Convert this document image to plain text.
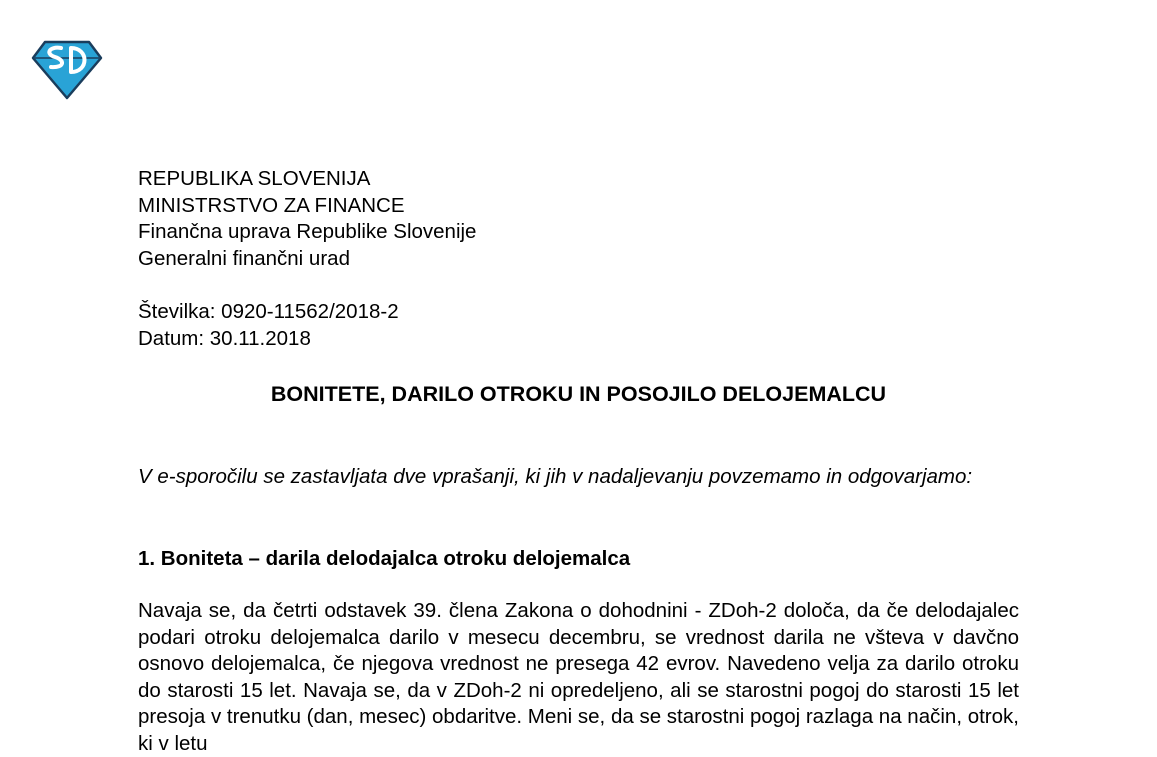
REPUBLIKA SLOVENIJA
MINISTRSTVO ZA FINANCE
Finančna uprava Republike Slovenije
Generalni finančni urad
Številka: 0920-11562/2018-2
Datum: 30.11.2018
BONITETE, DARILO OTROKU IN POSOJILO DELOJEMALCU

V e-sporočilu se zastavljata dve vprašanji, ki jih v nadaljevanju povzemamo in odgovarjamo:

1. Boniteta – darila delodajalca otroku delojemalca

Navaja se, da četrti odstavek 39. člena Zakona o dohodnini - ZDoh-2 določa, da če delodajalec podari otroku delojemalca darilo v mesecu decembru, se vrednost darila ne všteva v davčno osnovo delojemalca, če njegova vrednost ne presega 42 evrov. Navedeno velja za darilo otroku do starosti 15 let. Navaja se, da v ZDoh-2 ni opredeljeno, ali se starostni pogoj do starosti 15 let presoja v trenutku (dan, mesec) obdaritve. Meni se, da se starostni pogoj razlaga na način, otrok, ki v letu
